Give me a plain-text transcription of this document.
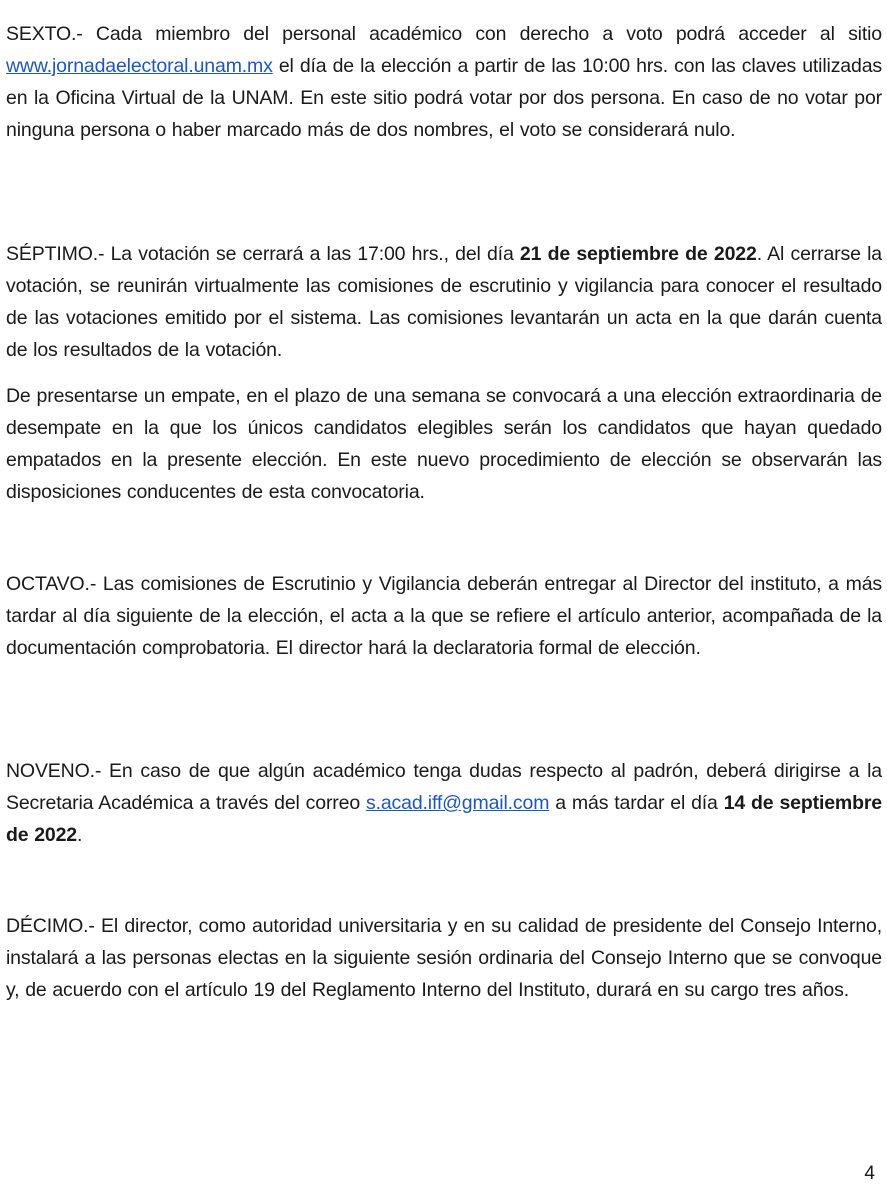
SEXTO.- Cada miembro del personal académico con derecho a voto podrá acceder al sitio www.jornadaelectoral.unam.mx el día de la elección a partir de las 10:00 hrs. con las claves utilizadas en la Oficina Virtual de la UNAM. En este sitio podrá votar por dos persona. En caso de no votar por ninguna persona o haber marcado más de dos nombres, el voto se considerará nulo.

SÉPTIMO.- La votación se cerrará a las 17:00 hrs., del día 21 de septiembre de 2022. Al cerrarse la votación, se reunirán virtualmente las comisiones de escrutinio y vigilancia para conocer el resultado de las votaciones emitido por el sistema. Las comisiones levantarán un acta en la que darán cuenta de los resultados de la votación.

De presentarse un empate, en el plazo de una semana se convocará a una elección extraordinaria de desempate en la que los únicos candidatos elegibles serán los candidatos que hayan quedado empatados en la presente elección. En este nuevo procedimiento de elección se observarán las disposiciones conducentes de esta convocatoria.

OCTAVO.- Las comisiones de Escrutinio y Vigilancia deberán entregar al Director del instituto, a más tardar al día siguiente de la elección, el acta a la que se refiere el artículo anterior, acompañada de la documentación comprobatoria. El director hará la declaratoria formal de elección.

NOVENO.- En caso de que algún académico tenga dudas respecto al padrón, deberá dirigirse a la Secretaria Académica a través del correo s.acad.iff@gmail.com a más tardar el día 14 de septiembre de 2022.

DÉCIMO.- El director, como autoridad universitaria y en su calidad de presidente del Consejo Interno, instalará a las personas electas en la siguiente sesión ordinaria del Consejo Interno que se convoque y, de acuerdo con el artículo 19 del Reglamento Interno del Instituto, durará en su cargo tres años.

4
